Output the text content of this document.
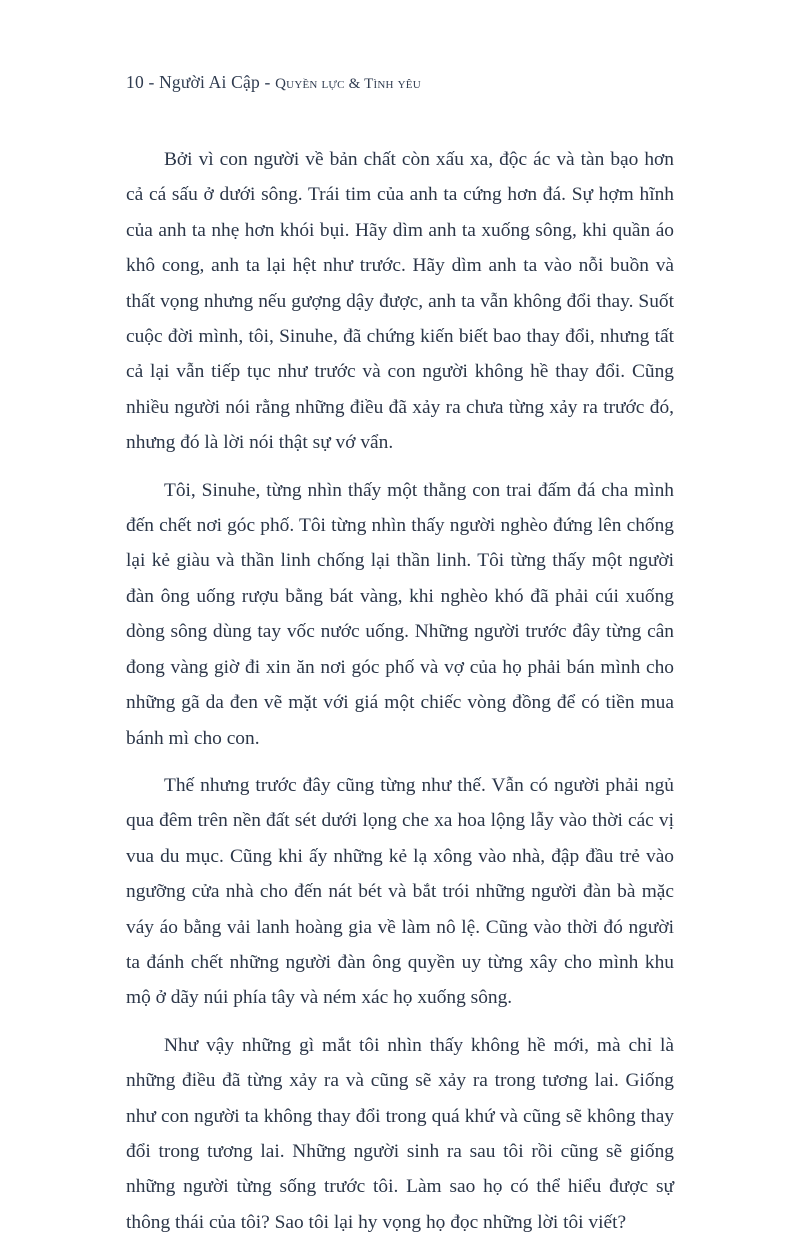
10 - Người Ai Cập - Quyền lực & Tình yêu

Bởi vì con người về bản chất còn xấu xa, độc ác và tàn bạo hơn cả cá sấu ở dưới sông. Trái tim của anh ta cứng hơn đá. Sự hợm hĩnh của anh ta nhẹ hơn khói bụi. Hãy dìm anh ta xuống sông, khi quần áo khô cong, anh ta lại hệt như trước. Hãy dìm anh ta vào nỗi buồn và thất vọng nhưng nếu gượng dậy được, anh ta vẫn không đổi thay. Suốt cuộc đời mình, tôi, Sinuhe, đã chứng kiến biết bao thay đổi, nhưng tất cả lại vẫn tiếp tục như trước và con người không hề thay đổi. Cũng nhiều người nói rằng những điều đã xảy ra chưa từng xảy ra trước đó, nhưng đó là lời nói thật sự vớ vẩn.

Tôi, Sinuhe, từng nhìn thấy một thằng con trai đấm đá cha mình đến chết nơi góc phố. Tôi từng nhìn thấy người nghèo đứng lên chống lại kẻ giàu và thần linh chống lại thần linh. Tôi từng thấy một người đàn ông uống rượu bằng bát vàng, khi nghèo khó đã phải cúi xuống dòng sông dùng tay vốc nước uống. Những người trước đây từng cân đong vàng giờ đi xin ăn nơi góc phố và vợ của họ phải bán mình cho những gã da đen vẽ mặt với giá một chiếc vòng đồng để có tiền mua bánh mì cho con.

Thế nhưng trước đây cũng từng như thế. Vẫn có người phải ngủ qua đêm trên nền đất sét dưới lọng che xa hoa lộng lẫy vào thời các vị vua du mục. Cũng khi ấy những kẻ lạ xông vào nhà, đập đầu trẻ vào ngưỡng cửa nhà cho đến nát bét và bắt trói những người đàn bà mặc váy áo bằng vải lanh hoàng gia về làm nô lệ. Cũng vào thời đó người ta đánh chết những người đàn ông quyền uy từng xây cho mình khu mộ ở dãy núi phía tây và ném xác họ xuống sông.

Như vậy những gì mắt tôi nhìn thấy không hề mới, mà chỉ là những điều đã từng xảy ra và cũng sẽ xảy ra trong tương lai. Giống như con người ta không thay đổi trong quá khứ và cũng sẽ không thay đổi trong tương lai. Những người sinh ra sau tôi rồi cũng sẽ giống những người từng sống trước tôi. Làm sao họ có thể hiểu được sự thông thái của tôi? Sao tôi lại hy vọng họ đọc những lời tôi viết?
